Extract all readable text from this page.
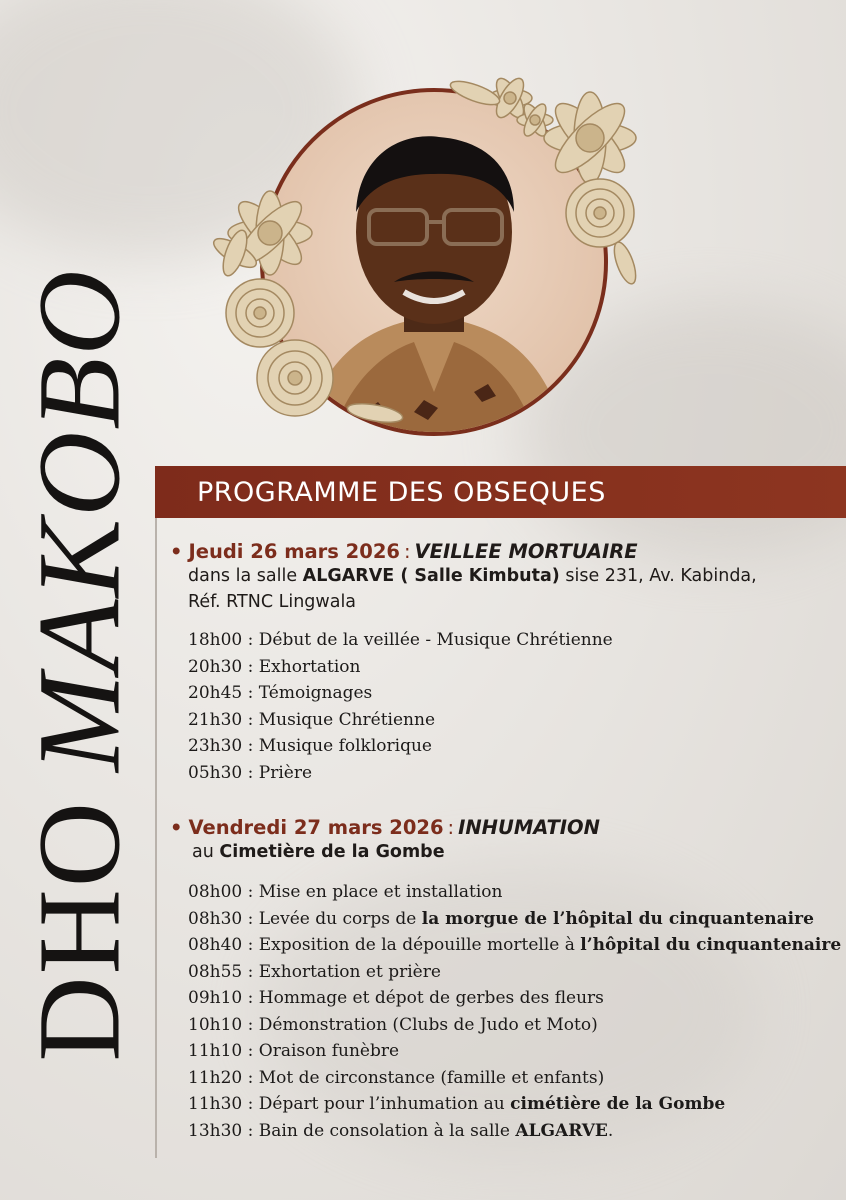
DHOMAKOBO	PROGRAMME DES OBSEQUES
• Jeudi 26 mars 2026 : VEILLEE MORTUAIRE
dans la salle ALGARVE ( Salle Kimbuta) sise 231, Av. Kabinda,
Réf. RTNC Lingwala
18h00 : Début de la veillée - Musique Chrétienne
20h30 : Exhortation
20h45 : Témoignages
21h30 : Musique Chrétienne
23h30 : Musique folklorique
05h30 : Prière
• Vendredi 27 mars 2026 : INHUMATION
au Cimetière de la Gombe
08h00 : Mise en place et installation
08h30 : Levée du corps de la morgue de l’hôpital du cinquantenaire
08h40 : Exposition de la dépouille mortelle à l’hôpital du cinquantenaire
08h55 : Exhortation et prière
09h10 : Hommage et dépot de gerbes des fleurs
10h10 : Démonstration (Clubs de Judo et Moto)
11h10 : Oraison funèbre
11h20 : Mot de circonstance (famille et enfants)
11h30 : Départ pour l’inhumation au cimétière de la Gombe
13h30 : Bain de consolation à la salle ALGARVE.
